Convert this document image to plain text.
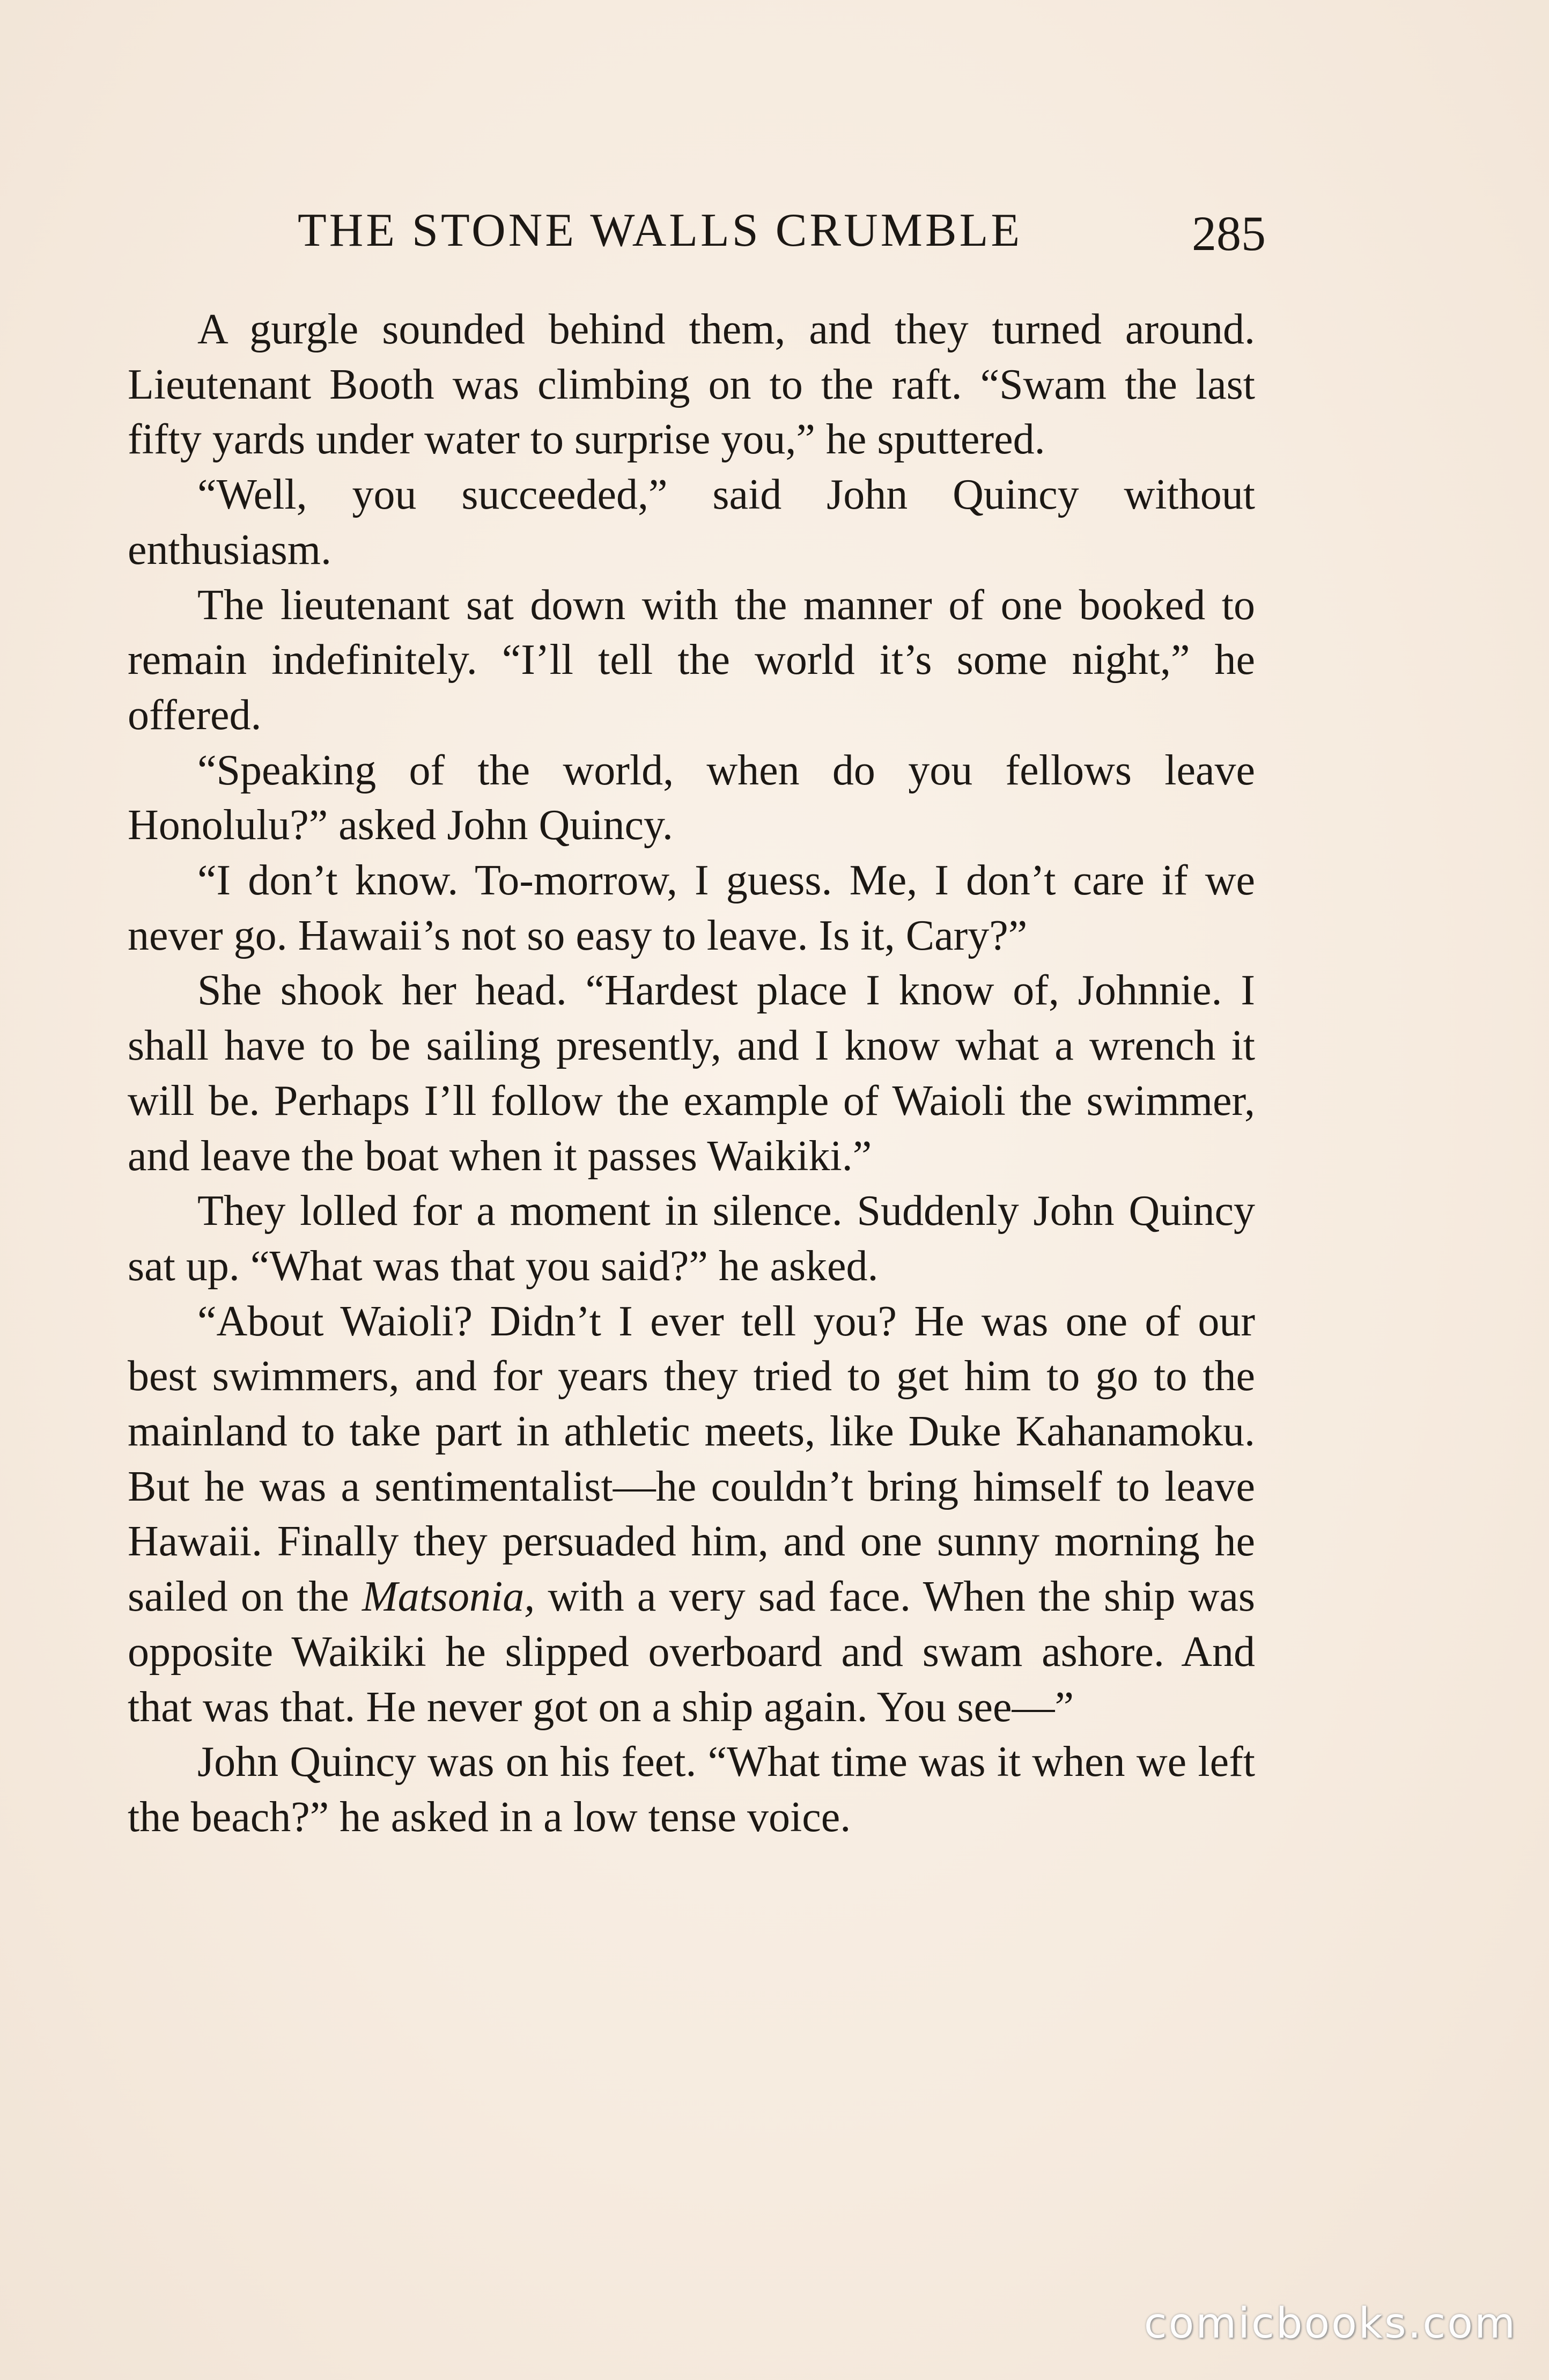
THE STONE WALLS CRUMBLE	285

A gurgle sounded behind them, and they turned around. Lieutenant Booth was climbing on to the raft. “Swam the last fifty yards under water to surprise you,” he sputtered.

“Well, you succeeded,” said John Quincy without enthusiasm.

The lieutenant sat down with the manner of one booked to remain indefinitely. “I’ll tell the world it’s some night,” he offered.

“Speaking of the world, when do you fellows leave Honolulu?” asked John Quincy.

“I don’t know. To-morrow, I guess. Me, I don’t care if we never go. Hawaii’s not so easy to leave. Is it, Cary?”

She shook her head. “Hardest place I know of, Johnnie. I shall have to be sailing presently, and I know what a wrench it will be. Perhaps I’ll follow the example of Waioli the swimmer, and leave the boat when it passes Waikiki.”

They lolled for a moment in silence. Suddenly John Quincy sat up. “What was that you said?” he asked.

“About Waioli? Didn’t I ever tell you? He was one of our best swimmers, and for years they tried to get him to go to the mainland to take part in athletic meets, like Duke Kahanamoku. But he was a sentimentalist—he couldn’t bring himself to leave Hawaii. Finally they persuaded him, and one sunny morning he sailed on the Matsonia, with a very sad face. When the ship was opposite Waikiki he slipped overboard and swam ashore. And that was that. He never got on a ship again. You see—”

John Quincy was on his feet. “What time was it when we left the beach?” he asked in a low tense voice.

comicbooks.com
